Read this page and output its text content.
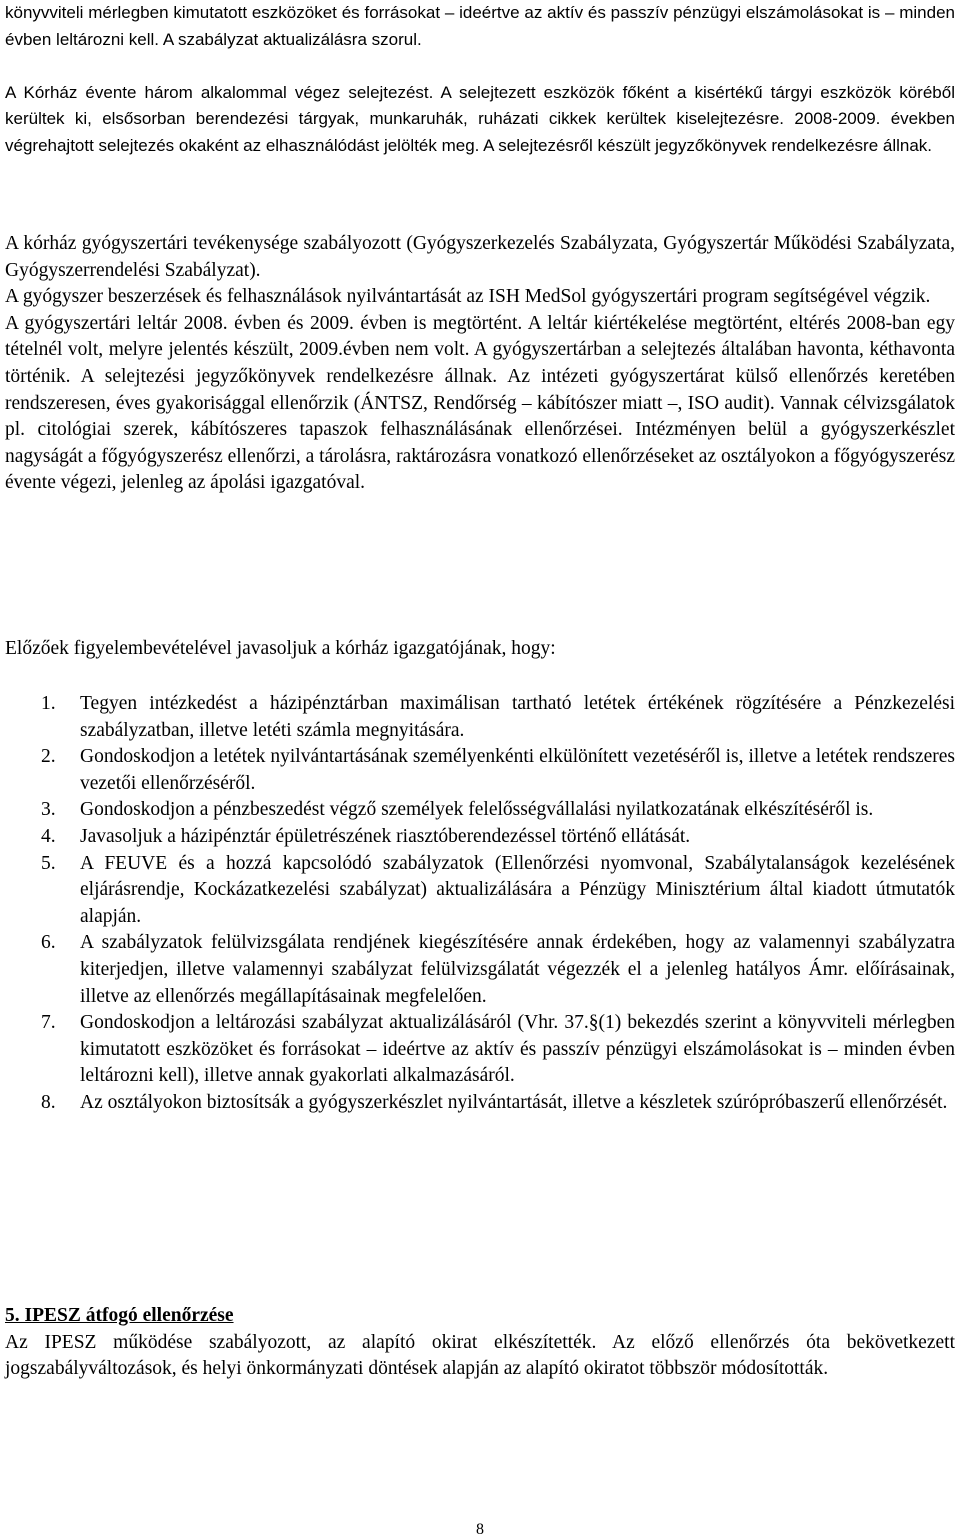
könyvviteli mérlegben kimutatott eszközöket és forrásokat – ideértve az aktív és passzív pénzügyi elszámolásokat is – minden évben leltározni kell. A szabályzat aktualizálásra szorul.

A Kórház évente három alkalommal végez selejtezést. A selejtezett eszközök főként a kisértékű tárgyi eszközök köréből kerültek ki, elsősorban berendezési tárgyak, munkaruhák, ruházati cikkek kerültek kiselejtezésre. 2008-2009. években végrehajtott selejtezés okaként az elhasználódást jelölték meg. A selejtezésről készült jegyzőkönyvek rendelkezésre állnak.

A kórház gyógyszertári tevékenysége szabályozott (Gyógyszerkezelés Szabályzata, Gyógyszertár Működési Szabályzata, Gyógyszerrendelési Szabályzat).

A gyógyszer beszerzések és felhasználások nyilvántartását az ISH MedSol gyógyszertári program segítségével végzik.

A gyógyszertári leltár 2008. évben és 2009. évben is megtörtént. A leltár kiértékelése megtörtént, eltérés 2008-ban egy tételnél volt, melyre jelentés készült, 2009.évben nem volt. A gyógyszertárban a selejtezés általában havonta, kéthavonta történik. A selejtezési jegyzőkönyvek rendelkezésre állnak. Az intézeti gyógyszertárat külső ellenőrzés keretében rendszeresen, éves gyakorisággal ellenőrzik (ÁNTSZ, Rendőrség – kábítószer miatt –, ISO audit). Vannak célvizsgálatok pl. citológiai szerek, kábítószeres tapaszok felhasználásának ellenőrzései. Intézményen belül a gyógyszerkészlet nagyságát a főgyógyszerész ellenőrzi, a tárolásra, raktározásra vonatkozó ellenőrzéseket az osztályokon a főgyógyszerész évente végezi, jelenleg az ápolási igazgatóval.

Előzőek figyelembevételével javasoljuk a kórház igazgatójának, hogy:

1. Tegyen intézkedést a házipénztárban maximálisan tartható letétek értékének rögzítésére a Pénzkezelési szabályzatban, illetve letéti számla megnyitására.
2. Gondoskodjon a letétek nyilvántartásának személyenkénti elkülönített vezetéséről is, illetve a letétek rendszeres vezetői ellenőrzéséről.
3. Gondoskodjon a pénzbeszedést végző személyek felelősségvállalási nyilatkozatának elkészítéséről is.
4. Javasoljuk a házipénztár épületrészének riasztóberendezéssel történő ellátását.
5. A FEUVE és a hozzá kapcsolódó szabályzatok (Ellenőrzési nyomvonal, Szabálytalanságok kezelésének eljárásrendje, Kockázatkezelési szabályzat) aktualizálására a Pénzügy Minisztérium által kiadott útmutatók alapján.
6. A szabályzatok felülvizsgálata rendjének kiegészítésére annak érdekében, hogy az valamennyi szabályzatra kiterjedjen, illetve valamennyi szabályzat felülvizsgálatát végezzék el a jelenleg hatályos Ámr. előírásainak, illetve az ellenőrzés megállapításainak megfelelően.
7. Gondoskodjon a leltározási szabályzat aktualizálásáról (Vhr. 37.§(1) bekezdés szerint a könyvviteli mérlegben kimutatott eszközöket és forrásokat – ideértve az aktív és passzív pénzügyi elszámolásokat is – minden évben leltározni kell), illetve annak gyakorlati alkalmazásáról.
8. Az osztályokon biztosítsák a gyógyszerkészlet nyilvántartását, illetve a készletek szúrópróbaszerű ellenőrzését.

5. IPESZ átfogó ellenőrzése

Az IPESZ működése szabályozott, az alapító okirat elkészítették. Az előző ellenőrzés óta bekövetkezett jogszabályváltozások, és helyi önkormányzati döntések alapján az alapító okiratot többször módosították.

8
